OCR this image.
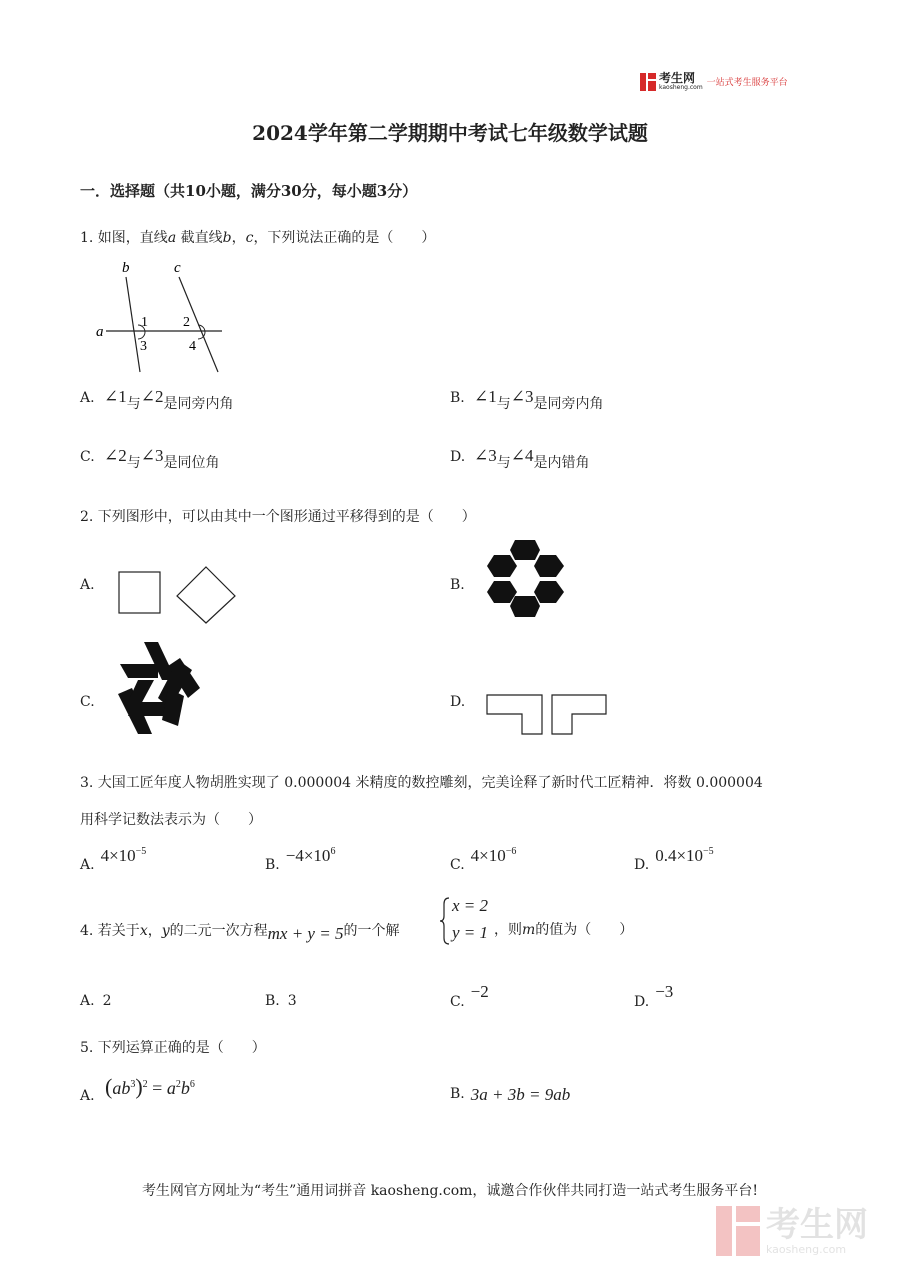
考生网
kaosheng.com 一站式考生服务平台
2024学年第二学期期中考试七年级数学试题
一．选择题（共10小题，满分30分，每小题3分）
1. 如图，直线a 截直线b，c，下列说法正确的是（　　）
b	c
a
1
3
2
4
A. ∠1与∠2是同旁内角	B. ∠1与∠3是同旁内角
C. ∠2与∠3是同位角	D. ∠3与∠4是内错角
2. 下列图形中，可以由其中一个图形通过平移得到的是（　　）
A.	B.
C.	D.
3. 大国工匠年度人物胡胜实现了 0.000004 米精度的数控雕刻，完美诠释了新时代工匠精神．将数 0.000004
用科学记数法表示为（　　）
A. $4\times 10^{-5}$
B. $-4\times 10^6$
C. $4\times 10^{-6}$
D. $0.4\times 10^{-5}$
4. 若关于x，y的二元一次方程mx + y = 5的一个解
x = 2
y = 1 ，则m的值为（　　）
A. 2	B. 3	C.−2
D.−3
5. 下列运算正确的是（　　）
A. $(ab^3)^2 = a^2b^6$
B. 3a + 3b = 9ab
考生网官方网址为“考生”通用词拼音 kaosheng.com，诚邀合作伙伴共同打造一站式考生服务平台!
考生网
kaosheng.com
